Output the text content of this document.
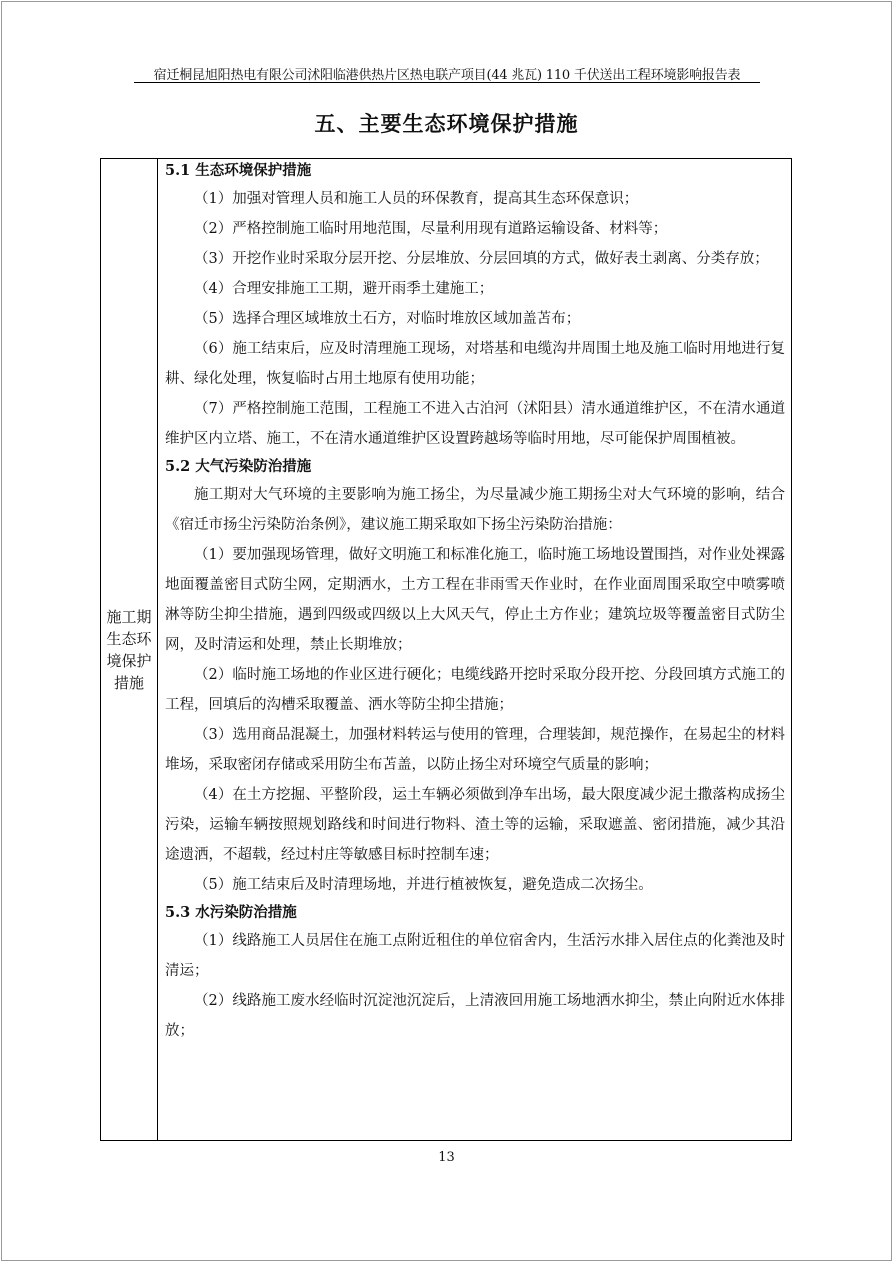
宿迁桐昆旭阳热电有限公司沭阳临港供热片区热电联产项目(44 兆瓦) 110 千伏送出工程环境影响报告表
五、主要生态环境保护措施
施工期
生态环
境保护
措施
5.1 生态环境保护措施
（1）加强对管理人员和施工人员的环保教育，提高其生态环保意识；
（2）严格控制施工临时用地范围，尽量利用现有道路运输设备、材料等；
（3）开挖作业时采取分层开挖、分层堆放、分层回填的方式，做好表土剥离、分类存放；
（4）合理安排施工工期，避开雨季土建施工；
（5）选择合理区域堆放土石方，对临时堆放区域加盖苫布；
（6）施工结束后，应及时清理施工现场，对塔基和电缆沟井周围土地及施工临时用地进行复耕、绿化处理，恢复临时占用土地原有使用功能；
（7）严格控制施工范围，工程施工不进入古泊河（沭阳县）清水通道维护区，不在清水通道维护区内立塔、施工，不在清水通道维护区设置跨越场等临时用地，尽可能保护周围植被。
5.2 大气污染防治措施
施工期对大气环境的主要影响为施工扬尘，为尽量减少施工期扬尘对大气环境的影响，结合《宿迁市扬尘污染防治条例》，建议施工期采取如下扬尘污染防治措施：
（1）要加强现场管理，做好文明施工和标准化施工，临时施工场地设置围挡，对作业处裸露地面覆盖密目式防尘网，定期洒水，土方工程在非雨雪天作业时，在作业面周围采取空中喷雾喷淋等防尘抑尘措施，遇到四级或四级以上大风天气，停止土方作业；建筑垃圾等覆盖密目式防尘网，及时清运和处理，禁止长期堆放；
（2）临时施工场地的作业区进行硬化；电缆线路开挖时采取分段开挖、分段回填方式施工的工程，回填后的沟槽采取覆盖、洒水等防尘抑尘措施；
（3）选用商品混凝土，加强材料转运与使用的管理，合理装卸，规范操作，在易起尘的材料堆场，采取密闭存储或采用防尘布苫盖，以防止扬尘对环境空气质量的影响；
（4）在土方挖掘、平整阶段，运土车辆必须做到净车出场，最大限度减少泥土撒落构成扬尘污染，运输车辆按照规划路线和时间进行物料、渣土等的运输，采取遮盖、密闭措施，减少其沿途遗洒，不超载，经过村庄等敏感目标时控制车速；
（5）施工结束后及时清理场地，并进行植被恢复，避免造成二次扬尘。
5.3 水污染防治措施
（1）线路施工人员居住在施工点附近租住的单位宿舍内，生活污水排入居住点的化粪池及时清运；
（2）线路施工废水经临时沉淀池沉淀后，上清液回用施工场地洒水抑尘，禁止向附近水体排放；
13
